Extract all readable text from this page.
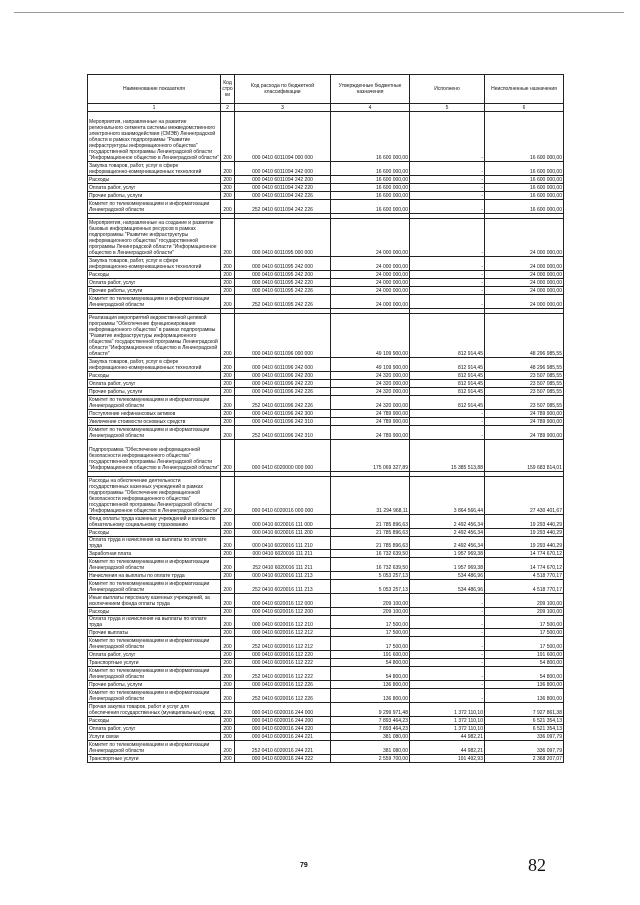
Наименование показателя	Код стро ки	Код расхода по бюджетной классификации	Утвержденные бюджетные назначения	Исполнено	Неисполненные назначения
1	2	3	4	5	6
Мероприятия, направленные на развитие регионального сегмента системы межведомственного электронного взаимодействия (СМЭВ) Ленинградской области в рамках подпрограммы "Развитие инфраструктуры информационного общества" государственной программы Ленинградской области "Информационное общество в Ленинградской области"	200	000 0410 6011094 000 000	16 600 000,00	-	16 600 000,00
Закупка товаров, работ, услуг в сфере информационно-коммуникационных технологий	200	000 0410 6011094 242 000	16 600 000,00	-	16 600 000,00
Расходы	200	000 0410 6011094 242 200	16 600 000,00	-	16 600 000,00
Оплата работ, услуг	200	000 0410 6011094 242 220	16 600 000,00	-	16 600 000,00
Прочие работы, услуги	200	000 0410 6011094 242 226	16 600 000,00	-	16 600 000,00
Комитет по телекоммуникациям и информатизации Ленинградской области	200	252 0410 6011094 242 226	16 600 000,00	-	16 600 000,00

Мероприятия, направленные на создание и развитие базовых информационных ресурсов в рамках подпрограммы "Развитие инфраструктуры информационного общества" государственной программы Ленинградской области "Информационное общество в Ленинградской области"	200	000 0410 6011095 000 000	24 000 000,00	-	24 000 000,00
Закупка товаров, работ, услуг в сфере информационно-коммуникационных технологий	200	000 0410 6011095 242 000	24 000 000,00	-	24 000 000,00
Расходы	200	000 0410 6011095 242 200	24 000 000,00	-	24 000 000,00
Оплата работ, услуг	200	000 0410 6011095 242 220	24 000 000,00	-	24 000 000,00
Прочие работы, услуги	200	000 0410 6011095 242 226	24 000 000,00	-	24 000 000,00
Комитет по телекоммуникациям и информатизации Ленинградской области	200	252 0410 6011095 242 226	24 000 000,00	-	24 000 000,00

Реализация мероприятий ведомственной целевой программы "Обеспечение функционирования информационного общества" в рамках подпрограммы "Развитие инфраструктуры информационного общества" государственной программы Ленинградской области "Информационное общество в Ленинградской области"	200	000 0410 6011096 000 000	49 109 900,00	812 914,45	48 296 985,55
Закупка товаров, работ, услуг в сфере информационно-коммуникационных технологий	200	000 0410 6011096 242 000	49 109 900,00	812 914,45	48 296 985,55
Расходы	200	000 0410 6011096 242 200	24 320 000,00	812 914,45	23 507 085,55
Оплата работ, услуг	200	000 0410 6011096 242 220	24 320 000,00	812 914,45	23 507 085,55
Прочие работы, услуги	200	000 0410 6011096 242 226	24 320 000,00	812 914,45	23 507 085,55
Комитет по телекоммуникациям и информатизации Ленинградской области	200	252 0410 6011096 242 226	24 320 000,00	812 914,45	23 507 085,55
Поступление нефинансовых активов	200	000 0410 6011096 242 300	24 789 900,00	-	24 789 900,00
Увеличение стоимости основных средств	200	000 0410 6011096 242 310	24 789 900,00	-	24 789 900,00
Комитет по телекоммуникациям и информатизации Ленинградской области	200	252 0410 6011096 242 310	24 789 900,00	-	24 789 900,00
Подпрограмма "Обеспечение информационной безопасности информационного общества" государственной программы Ленинградской области "Информационное общество в Ленинградской области"	200	000 0410 6020000 000 000	175 069 327,89	15 385 513,88	159 683 814,01

Расходы на обеспечение деятельности государственных казенных учреждений в рамках подпрограммы "Обеспечение информационной безопасности информационного общества" государственной программы Ленинградской области "Информационное общество в Ленинградской области"	200	000 0410 6020016 000 000	31 294 968,11	3 864 566,44	27 430 401,67
Фонд оплаты труда казенных учреждений и взносы по обязательному социальному страхованию	200	000 0410 6020016 111 000	21 785 896,63	2 492 456,34	19 293 440,29
Расходы	200	000 0410 6020016 111 200	21 785 896,63	2 492 456,34	19 293 440,29
Оплата труда и начисления на выплаты по оплате труда	200	000 0410 6020016 111 210	21 785 896,63	2 492 456,34	19 293 440,29
Заработная плата	200	000 0410 6020016 111 211	16 732 639,50	1 957 969,38	14 774 670,12
Комитет по телекоммуникациям и информатизации Ленинградской области	200	252 0410 6020016 111 211	16 732 639,50	1 957 969,38	14 774 670,12
Начисления на выплаты по оплате труда	200	000 0410 6020016 111 213	5 053 257,13	534 486,96	4 518 770,17
Комитет по телекоммуникациям и информатизации Ленинградской области	200	252 0410 6020016 111 213	5 053 257,13	534 486,96	4 518 770,17
Иные выплаты персоналу казенных учреждений, за исключением фонда оплаты труда	200	000 0410 6020016 112 000	209 100,00	-	209 100,00
Расходы	200	000 0410 6020016 112 200	209 100,00	-	209 100,00
Оплата труда и начисления на выплаты по оплате труда	200	000 0410 6020016 112 210	17 500,00	-	17 500,00
Прочие выплаты	200	000 0410 6020016 112 212	17 500,00	-	17 500,00
Комитет по телекоммуникациям и информатизации Ленинградской области	200	252 0410 6020016 112 212	17 500,00	-	17 500,00
Оплата работ, услуг	200	000 0410 6020016 112 220	191 600,00	-	191 600,00
Транспортные услуги	200	000 0410 6020016 112 222	54 800,00	-	54 800,00
Комитет по телекоммуникациям и информатизации Ленинградской области	200	252 0410 6020016 112 222	54 800,00	-	54 800,00
Прочие работы, услуги	200	000 0410 6020016 112 226	136 800,00	-	136 800,00
Комитет по телекоммуникациям и информатизации Ленинградской области	200	252 0410 6020016 112 226	136 800,00	-	136 800,00
Прочая закупка товаров, работ и услуг для обеспечения государственных (муниципальных) нужд	200	000 0410 6020016 244 000	9 299 971,48	1 372 110,10	7 927 861,38
Расходы	200	000 0410 6020016 244 200	7 893 464,23	1 372 110,10	6 521 354,13
Оплата работ, услуг	200	000 0410 6020016 244 220	7 893 464,23	1 372 110,10	6 521 354,13
Услуги связи	200	000 0410 6020016 244 221	381 080,00	44 982,21	336 097,79
Комитет по телекоммуникациям и информатизации Ленинградской области	200	252 0410 6020016 244 221	381 080,00	44 982,21	336 097,79
Транспортные услуги	200	000 0410 6020016 244 222	2 559 700,00	191 492,93	2 368 207,07
79	82
